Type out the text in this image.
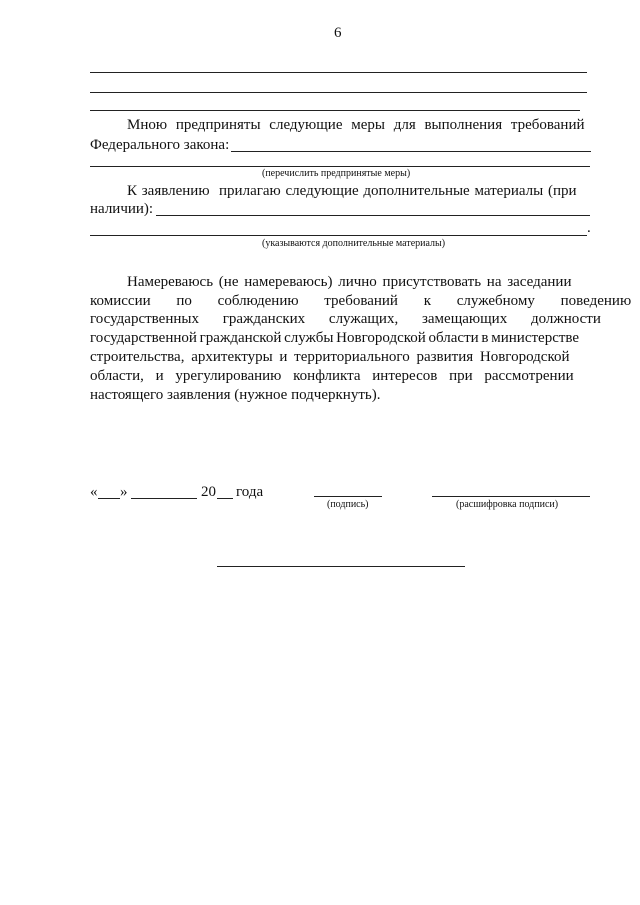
6
Мною предприняты следующие меры для выполнения требований
Федерального закона:
(перечислить предпринятые меры)
К заявлению  прилагаю следующие дополнительные материалы (при
наличии):
.
(указываются дополнительные материалы)
Намереваюсь (не намереваюсь) лично присутствовать на заседании
комиссии по соблюдению требований к служебному поведению
государственных гражданских служащих, замещающих должности
государственной гражданской службы Новгородской области в министерстве
строительства, архитектуры и территориального развития Новгородской
области, и урегулированию конфликта интересов при рассмотрении
настоящего заявления (нужное подчеркнуть).
« »	20 года
(подпись)	(расшифровка подписи)
